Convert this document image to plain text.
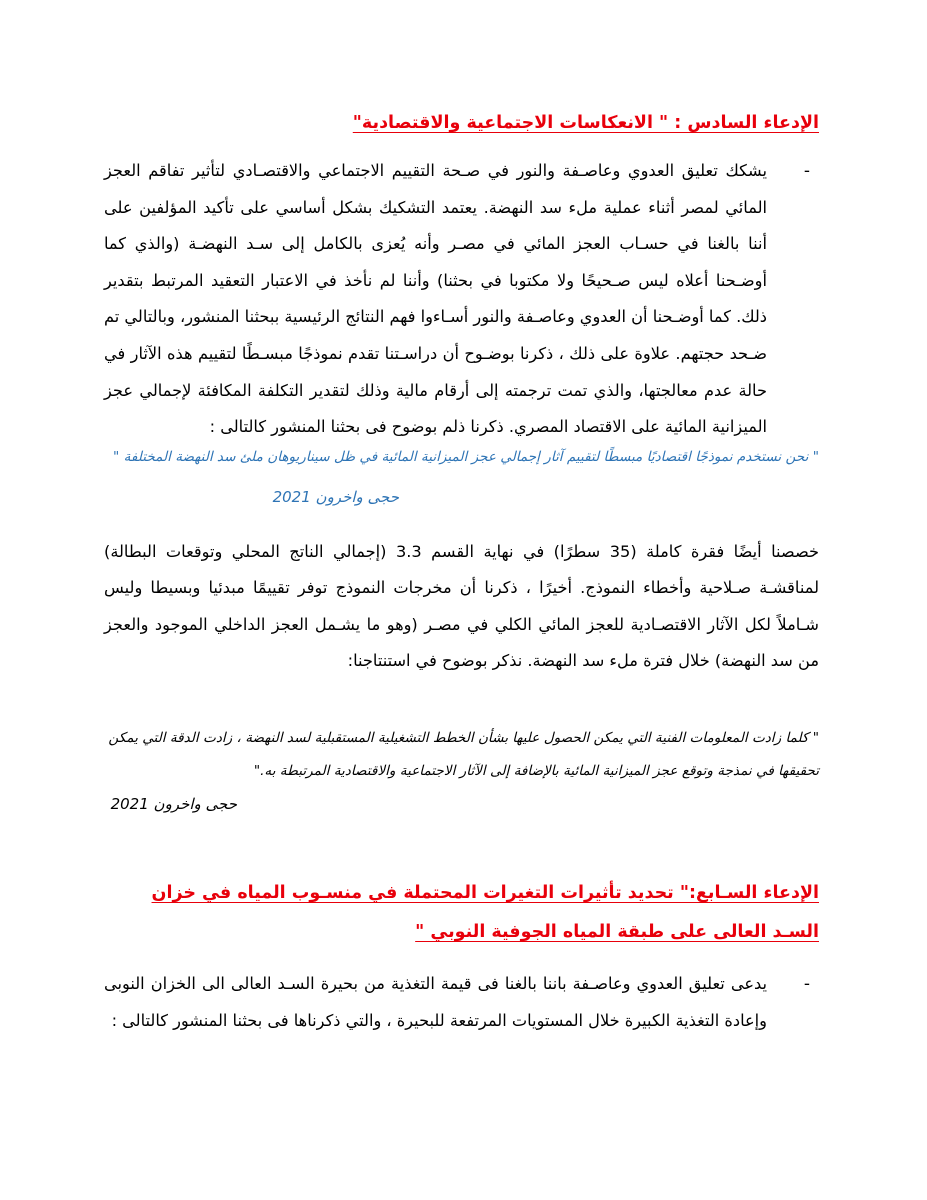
الإدعاء السادس : " الانعكاسات الاجتماعية والاقتصادية"
-

يشكك تعليق العدوي وعاصـفة والنور في صـحة التقييم الاجتماعي والاقتصـادي لتأثير تفاقم العجز المائي لمصر أثناء عملية ملء سد النهضة. يعتمد التشكيك بشكل أساسي على تأكيد المؤلفين على أننا بالغنا في حسـاب العجز المائي في مصـر وأنه يُعزى بالكامل إلى سـد النهضـة (والذي كما أوضـحنا أعلاه ليس صـحيحًا ولا مكتوبا في بحثنا) وأننا لم نأخذ في الاعتبار التعقيد المرتبط بتقدير ذلك. كما أوضـحنا أن العدوي وعاصـفة والنور أسـاءوا فهم النتائج الرئيسية ببحثنا المنشور، وبالتالي تم ضـحد حجتهم. علاوة على ذلك ، ذكرنا بوضـوح أن دراسـتنا تقدم نموذجًا مبسـطًا لتقييم هذه الآثار في حالة عدم معالجتها، والذي تمت ترجمته إلى أرقام مالية وذلك لتقدير التكلفة المكافئة لإجمالي عجز الميزانية المائية على الاقتصاد المصري. ذكرنا ذلم بوضوح فى بحثنا المنشور كالتالى :

" نحن نستخدم نموذجًا اقتصاديًا مبسطًا لتقييم آثار إجمالي عجز الميزانية المائية في ظل سيناريوهان ملئ سد النهضة المختلفة "
حجى واخرون 2021

خصصنا أيضًا فقرة كاملة (35 سطرًا) في نهاية القسم 3.3 (إجمالي الناتج المحلي وتوقعات البطالة) لمناقشـة صـلاحية وأخطاء النموذج. أخيرًا ، ذكرنا أن مخرجات النموذج توفر تقييمًا مبدئيا وبسيطا وليس شـاملاً لكل الآثار الاقتصـادية للعجز المائي الكلي في مصـر (وهو ما يشـمل العجز الداخلي الموجود والعجز من سد النهضة) خلال فترة ملء سد النهضة. نذكر بوضوح في استنتاجنا:

" كلما زادت المعلومات الفنية التي يمكن الحصول عليها بشأن الخطط التشغيلية المستقبلية لسد النهضة ، زادت الدقة التي يمكن تحقيقها في نمذجة وتوقع عجز الميزانية المائية بالإضافة إلى الآثار الاجتماعية والاقتصادية المرتبطة به."
حجى واخرون 2021
الإدعاء السـابع:" تحديد تأثيرات التغيرات المحتملة في منسـوب المياه في خزان السـد العالى على طبقة المياه الجوفية النوبي "
-

يدعى تعليق العدوي وعاصـفة باننا بالغنا فى قيمة التغذية من بحيرة السـد العالى الى الخزان النوبى وإعادة التغذية الكبيرة خلال المستويات المرتفعة للبحيرة ، والتي ذكرناها فى بحثنا المنشور كالتالى :
